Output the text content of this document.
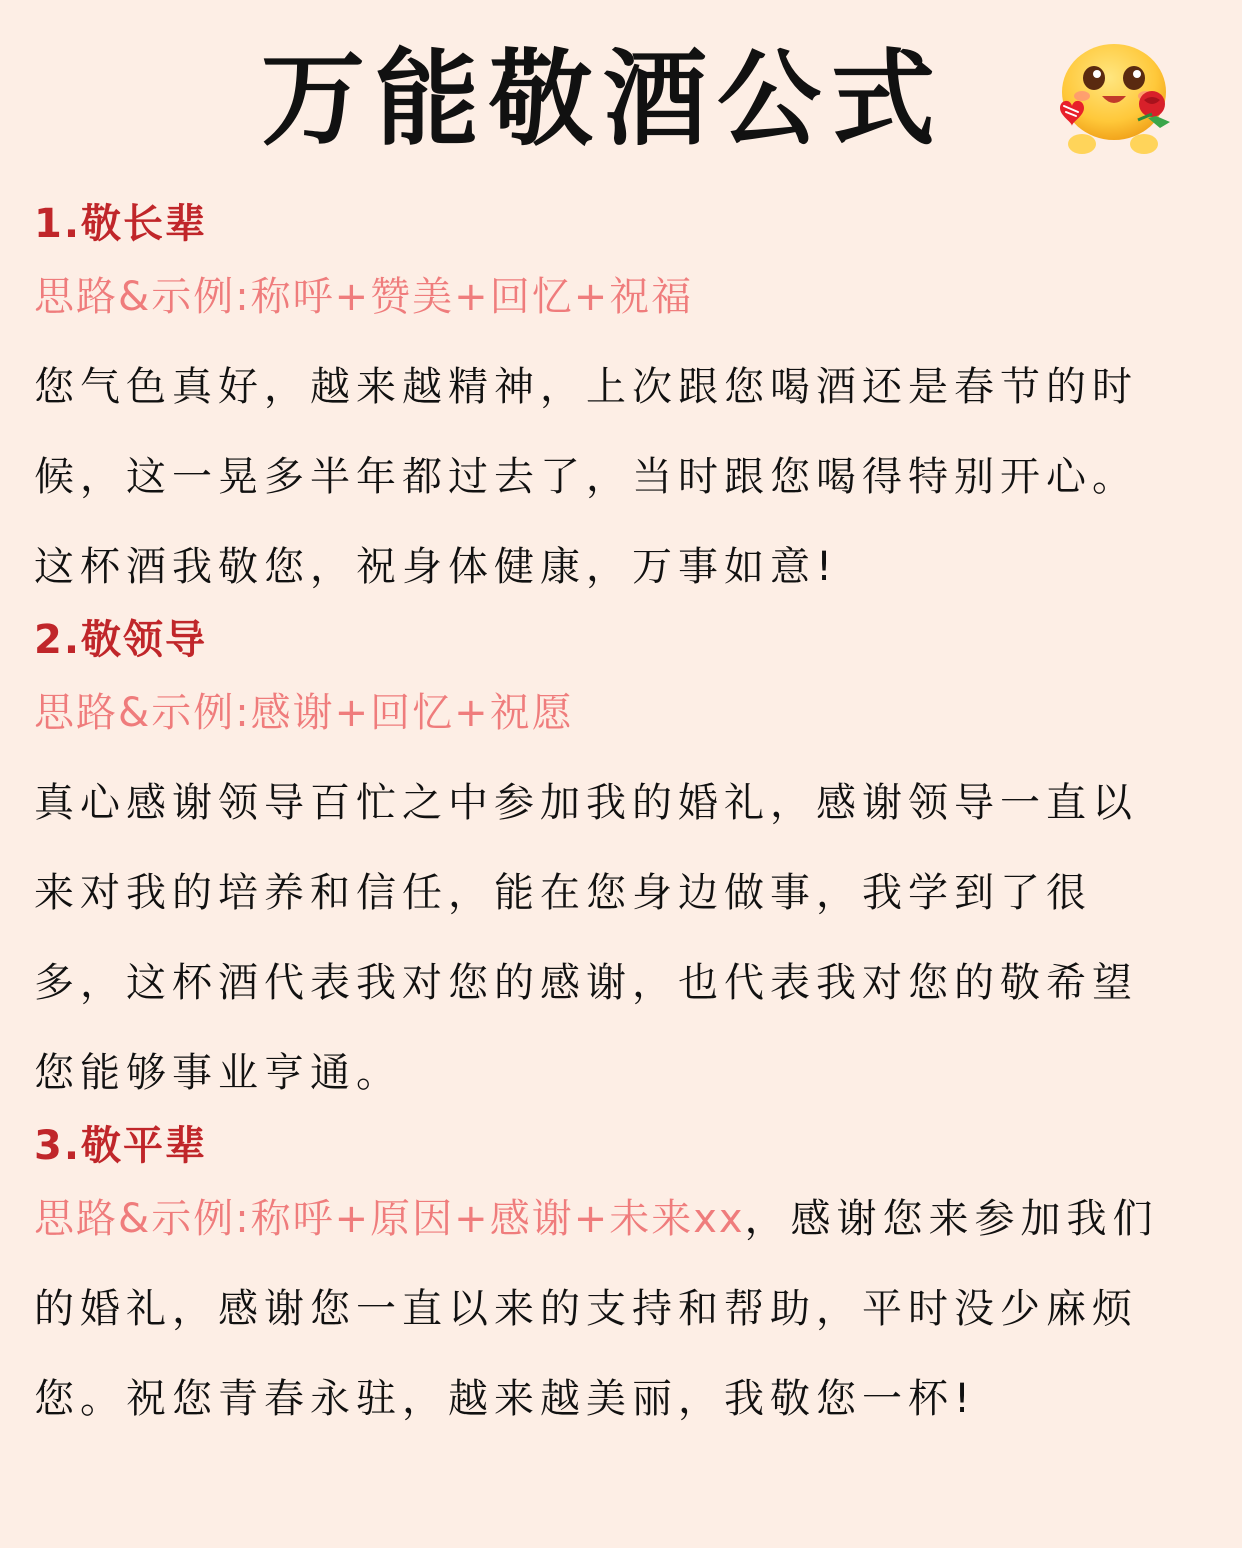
万能敬酒公式
1.敬长辈

思路&示例:称呼+赞美+回忆+祝福

您气色真好，越来越精神，上次跟您喝酒还是春节的时候，这一晃多半年都过去了，当时跟您喝得特别开心。这杯酒我敬您，祝身体健康，万事如意!

2.敬领导

思路&示例:感谢+回忆+祝愿

真心感谢领导百忙之中参加我的婚礼，感谢领导一直以来对我的培养和信任，能在您身边做事，我学到了很多，这杯酒代表我对您的感谢，也代表我对您的敬希望您能够事业亨通。

3.敬平辈

思路&示例:称呼+原因+感谢+未来xx，感谢您来参加我们的婚礼，感谢您一直以来的支持和帮助，平时没少麻烦您。祝您青春永驻，越来越美丽，我敬您一杯!
